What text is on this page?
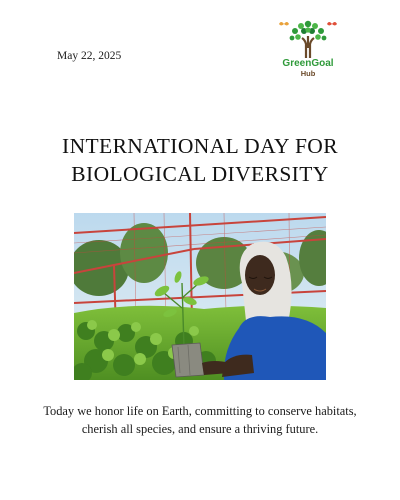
May 22, 2025
GreenGoal
Hub
INTERNATIONAL DAY FOR
BIOLOGICAL DIVERSITY

Today we honor life on Earth, committing to conserve habitats, cherish all species, and ensure a thriving future.
